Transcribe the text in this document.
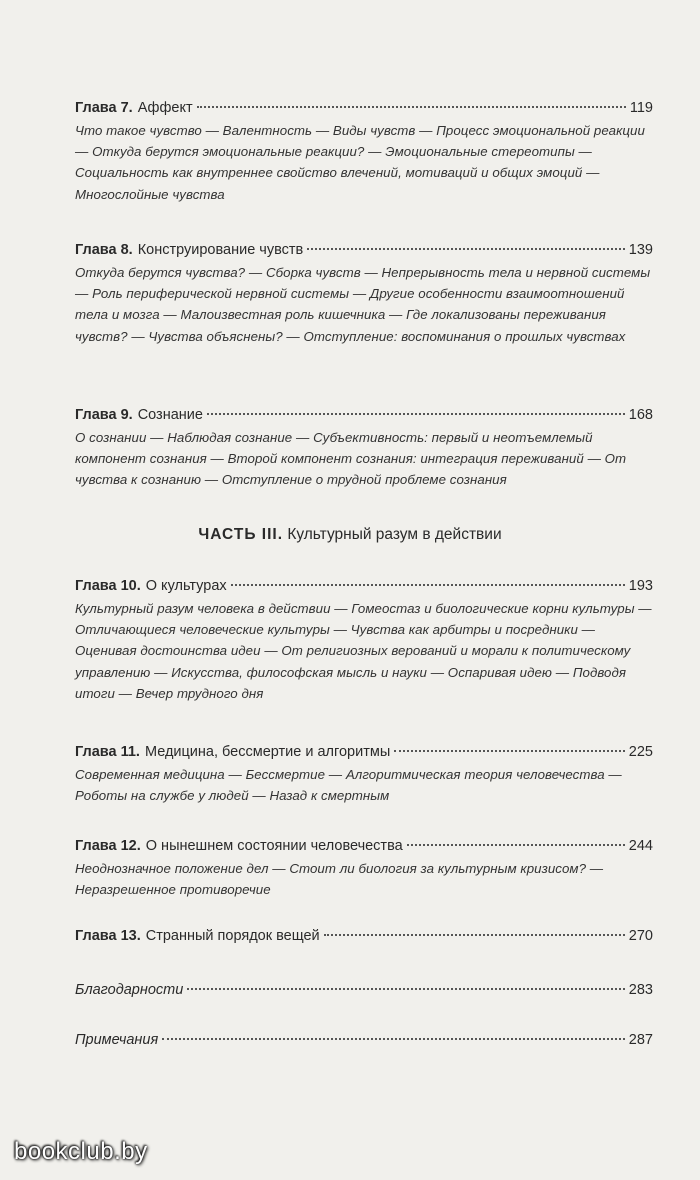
Глава 7. Аффект	119
Что такое чувство — Валентность — Виды чувств — Процесс эмоциональной реакции — Откуда берутся эмоциональные реакции? — Эмоциональные стереотипы — Социальность как внутреннее свойство влечений, мотиваций и общих эмоций — Многослойные чувства
Глава 8. Конструирование чувств	139
Откуда берутся чувства? — Сборка чувств — Непрерывность тела и нервной системы — Роль периферической нервной системы — Другие особенности взаимоотношений тела и мозга — Малоизвестная роль кишечника — Где локализованы переживания чувств? — Чувства объяснены? — Отступление: воспоминания о прошлых чувствах
Глава 9. Сознание	168
О сознании — Наблюдая сознание — Субъективность: первый и неотъемлемый компонент сознания — Второй компонент сознания: интеграция переживаний — От чувства к сознанию — Отступление о трудной проблеме сознания
ЧАСТЬ III. Культурный разум в действии
Глава 10. О культурах	193
Культурный разум человека в действии — Гомеостаз и биологические корни культуры — Отличающиеся человеческие культуры — Чувства как арбитры и посредники — Оценивая достоинства идеи — От религиозных верований и морали к политическому управлению — Искусства, философская мысль и науки — Оспаривая идею — Подводя итоги — Вечер трудного дня
Глава 11. Медицина, бессмертие и алгоритмы	225
Современная медицина — Бессмертие — Алгоритмическая теория человечества — Роботы на службе у людей — Назад к смертным
Глава 12. О нынешнем состоянии человечества	244
Неоднозначное положение дел — Стоит ли биология за культурным кризисом? — Неразрешенное противоречие
Глава 13. Странный порядок вещей	270
Благодарности	283
Примечания	287
bookclub.by
